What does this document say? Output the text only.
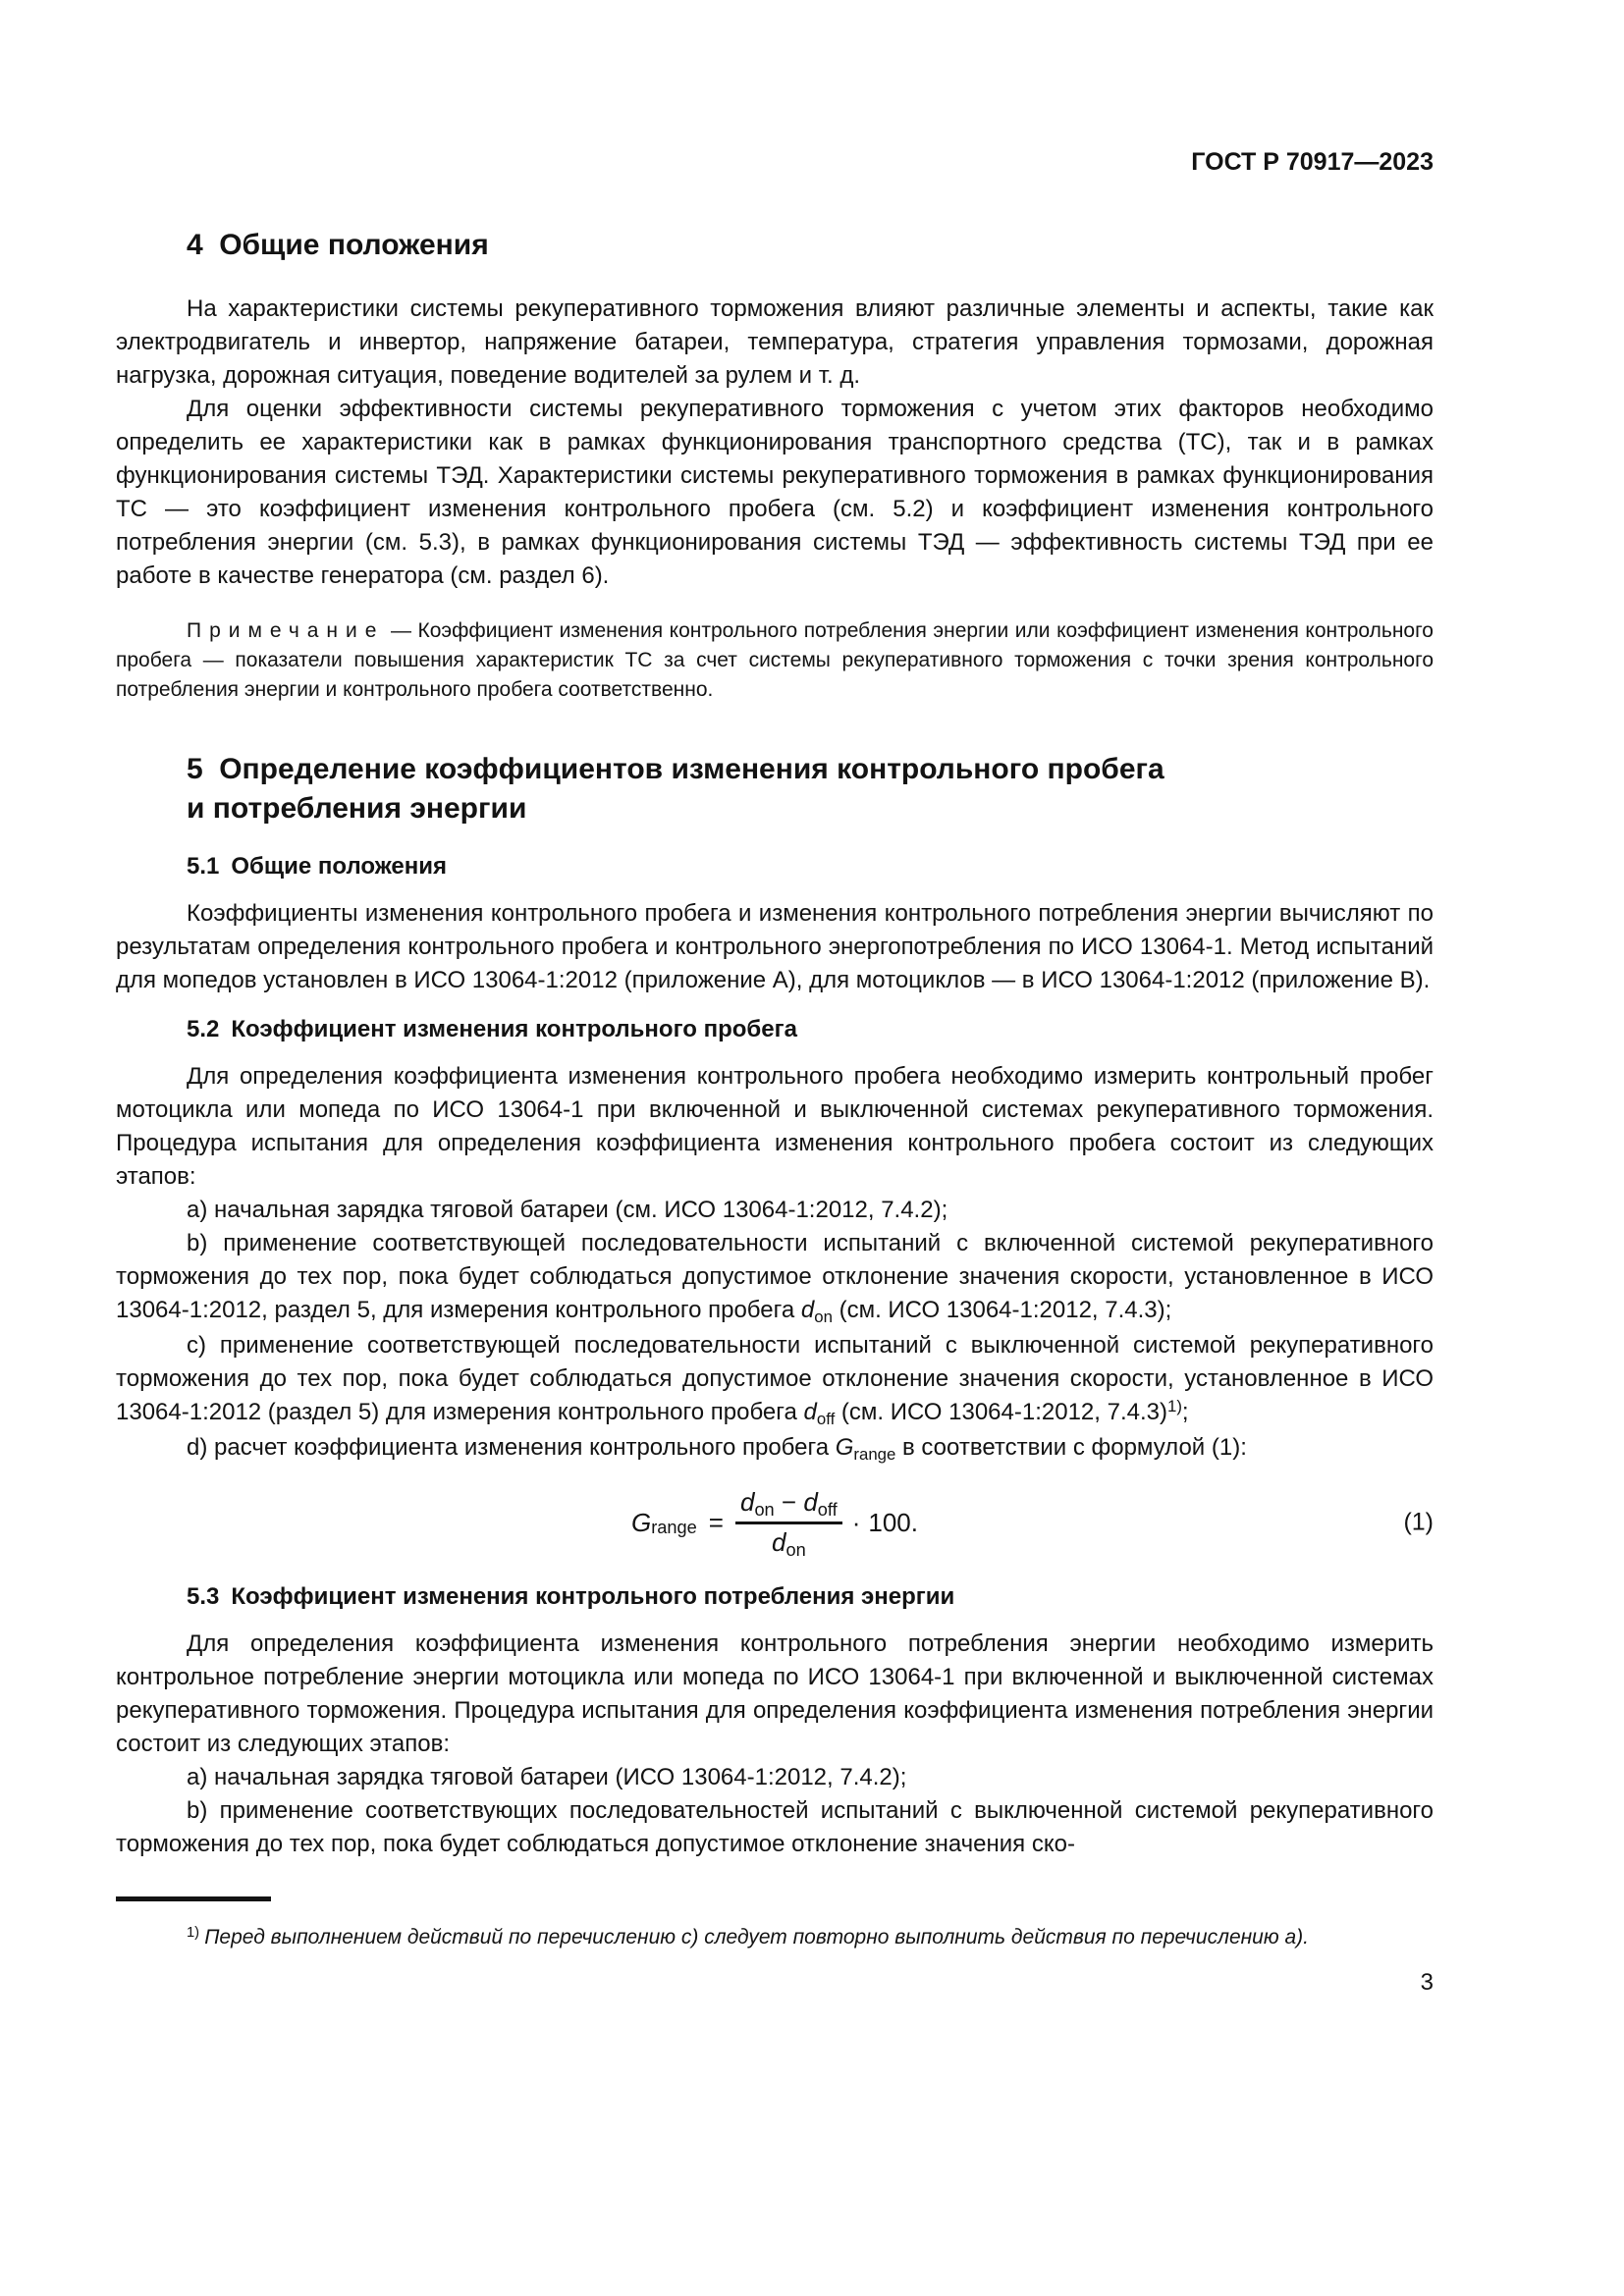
ГОСТ Р 70917—2023
4 Общие положения

На характеристики системы рекуперативного торможения влияют различные элементы и аспекты, такие как электродвигатель и инвертор, напряжение батареи, температура, стратегия управления тормозами, дорожная нагрузка, дорожная ситуация, поведение водителей за рулем и т. д.

Для оценки эффективности системы рекуперативного торможения с учетом этих факторов необходимо определить ее характеристики как в рамках функционирования транспортного средства (ТС), так и в рамках функционирования системы ТЭД. Характеристики системы рекуперативного торможения в рамках функционирования ТС — это коэффициент изменения контрольного пробега (см. 5.2) и коэффициент изменения контрольного потребления энергии (см. 5.3), в рамках функционирования системы ТЭД — эффективность системы ТЭД при ее работе в качестве генератора (см. раздел 6).

Примечание — Коэффициент изменения контрольного потребления энергии или коэффициент изменения контрольного пробега — показатели повышения характеристик ТС за счет системы рекуперативного торможения с точки зрения контрольного потребления энергии и контрольного пробега соответственно.

5 Определение коэффициентов изменения контрольного пробега
и потребления энергии
5.1 Общие положения

Коэффициенты изменения контрольного пробега и изменения контрольного потребления энергии вычисляют по результатам определения контрольного пробега и контрольного энергопотребления по ИСО 13064-1. Метод испытаний для мопедов установлен в ИСО 13064-1:2012 (приложение А), для мотоциклов — в ИСО 13064-1:2012 (приложение В).

5.2 Коэффициент изменения контрольного пробега

Для определения коэффициента изменения контрольного пробега необходимо измерить контрольный пробег мотоцикла или мопеда по ИСО 13064-1 при включенной и выключенной системах рекуперативного торможения. Процедура испытания для определения коэффициента изменения контрольного пробега состоит из следующих этапов:

a) начальная зарядка тяговой батареи (см. ИСО 13064-1:2012, 7.4.2);

b) применение соответствующей последовательности испытаний с включенной системой рекуперативного торможения до тех пор, пока будет соблюдаться допустимое отклонение значения скорости, установленное в ИСО 13064-1:2012, раздел 5, для измерения контрольного пробега $d_{on}$ (см. ИСО 13064-1:2012, 7.4.3);

c) применение соответствующей последовательности испытаний с выключенной системой рекуперативного торможения до тех пор, пока будет соблюдаться допустимое отклонение значения скорости, установленное в ИСО 13064-1:2012 (раздел 5) для измерения контрольного пробега $d_{off}$ (см. ИСО 13064-1:2012, 7.4.3)$^{1)}$;

d) расчет коэффициента изменения контрольного пробега $G_{range}$ в соответствии с формулой (1):

$G_{range} = \frac{d_{on} - d_{off}}{d_{on}} \cdot 100$.	(1)
5.3 Коэффициент изменения контрольного потребления энергии

Для определения коэффициента изменения контрольного потребления энергии необходимо измерить контрольное потребление энергии мотоцикла или мопеда по ИСО 13064-1 при включенной и выключенной системах рекуперативного торможения. Процедура испытания для определения коэффициента изменения потребления энергии состоит из следующих этапов:

a) начальная зарядка тяговой батареи (ИСО 13064-1:2012, 7.4.2);

b) применение соответствующих последовательностей испытаний с выключенной системой рекуперативного торможения до тех пор, пока будет соблюдаться допустимое отклонение значения ско-

$^{1)}$ Перед выполнением действий по перечислению c) следует повторно выполнить действия по перечислению а).

3
